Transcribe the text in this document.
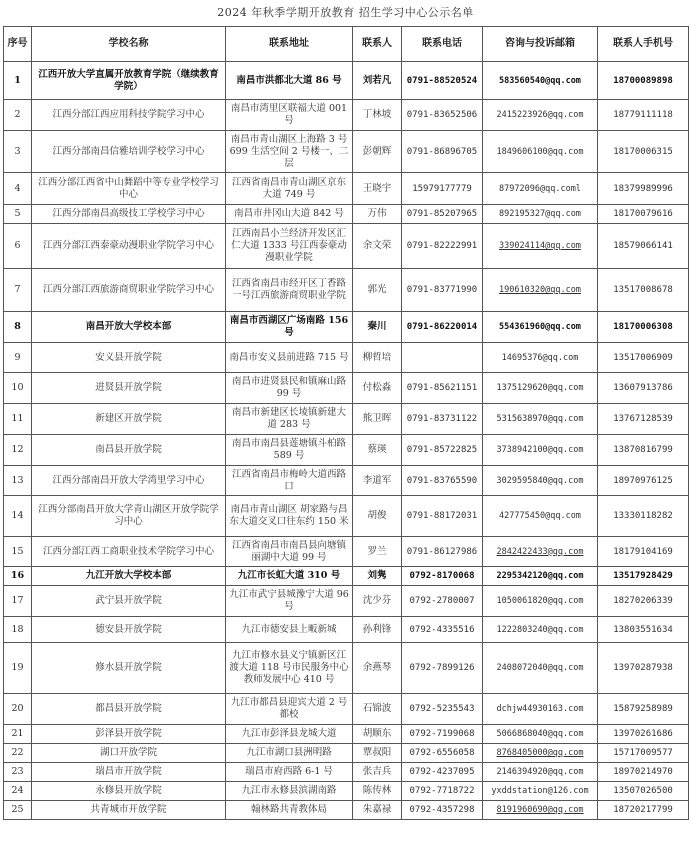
2024 年秋季学期开放教育 招生学习中心公示名单
序号	学校名称	联系地址	联系人	联系电话	咨询与投诉邮箱	联系人手机号
1	江西开放大学直属开放教育学院（继续教育学院）	南昌市洪都北大道 86 号	刘若凡	0791-88520524	583560540@qq.com	18700089898
2	江西分部江西应用科技学院学习中心	南昌市湾里区联福大道 001 号	丁林坡	0791-83652506	2415223926@qq.com	18779111118
3	江西分部南昌信雅培训学校学习中心	南昌市青山湖区上海路 3 号 699 生活空间 2 号楼一、二层	彭朝辉	0791-86896705	1849606100@qq.com	18170006315
4	江西分部江西省中山舞蹈中等专业学校学习中心	江西省南昌市青山湖区京东大道 749 号	王晓宇	15979177779	87972096@qq.coml	18379989996
5	江西分部南昌高级技工学校学习中心	南昌市井冈山大道 842 号	万伟	0791-85207965	892195327@qq.com	18170079616
6	江西分部江西泰豪动漫职业学院学习中心	江西南昌小兰经济开发区汇仁大道 1333 号江西泰豪动漫职业学院	余文荣	0791-82222991	339024114@qq.com	18579066141
7	江西分部江西旅游商贸职业学院学习中心	江西省南昌市经开区丁香路一号江西旅游商贸职业学院	郭光	0791-83771990	190610320@qq.com	13517008678
8	南昌开放大学校本部	南昌市西湖区广场南路 156 号	秦川	0791-86220014	554361960@qq.com	18170006308
9	安义县开放学院	南昌市安义县前进路 715 号	柳哲培		14695376@qq.com	13517006909
10	进贤县开放学院	南昌市进贤县民和镇麻山路 99 号	付松淼	0791-85621151	1375129620@qq.com	13607913786
11	新建区开放学院	南昌市新建区长堎镇新建大道 283 号	熊卫晖	0791-83731122	5315638970@qq.com	13767128539
12	南昌县开放学院	南昌市南昌县莲塘镇斗柏路 589 号	蔡瑛	0791-85722825	3738942100@qq.com	13870816799
13	江西分部南昌开放大学湾里学习中心	江西省南昌市梅岭大道西路口	李道军	0791-83765590	3029595840@qq.com	18970976125
14	江西分部南昌开放大学青山湖区开放学院学习中心	南昌市青山湖区 胡家路与昌东大道交叉口往东约 150 米	胡俊	0791-88172031	427775450@qq.com	13330118282
15	江西分部江西工商职业技术学院学习中心	江西省南昌市南昌县向塘镇丽湖中大道 99 号	罗兰	0791-86127986	2842422433@qq.com	18179104169
16	九江开放大学校本部	九江市长虹大道 310 号	刘隽	0792-8170068	2295342120@qq.com	13517928429
17	武宁县开放学院	九江市武宁县城豫宁大道 96 号	沈少芬	0792-2780007	1050061820@qq.com	18270206339
18	德安县开放学院	九江市德安县上畈新城	孙利锋	0792-4335516	1222803240@qq.com	13803551634
19	修水县开放学院	九江市修水县义宁镇新区江渡大道 118 号市民服务中心教师发展中心 410 号	余燕琴	0792-7899126	2408072040@qq.com	13970287938
20	都昌县开放学院	九江市都昌县迎宾大道 2 号都校	石锦波	0792-5235543	dchjw44930163.com	15879258989
21	彭泽县开放学院	九江市彭泽县龙城大道	胡顺东	0792-7199068	5066868040@qq.com	13970261686
22	湖口开放学院	九江市湖口县洲明路	覃叔阳	0792-6556058	8768405000@qq.com	15717009577
23	瑞昌市开放学院	瑞昌市府西路 6-1 号	张吉兵	0792-4237095	2146394920@qq.com	18970214970
24	永修县开放学院	九江市永修县滨湖南路	陈传林	0792-7718722	yxddstation@126.com	13507026500
25	共青城市开放学院	翰林路共青教体局	朱嘉禄	0792-4357298	8191960690@qq.com	18720217799
